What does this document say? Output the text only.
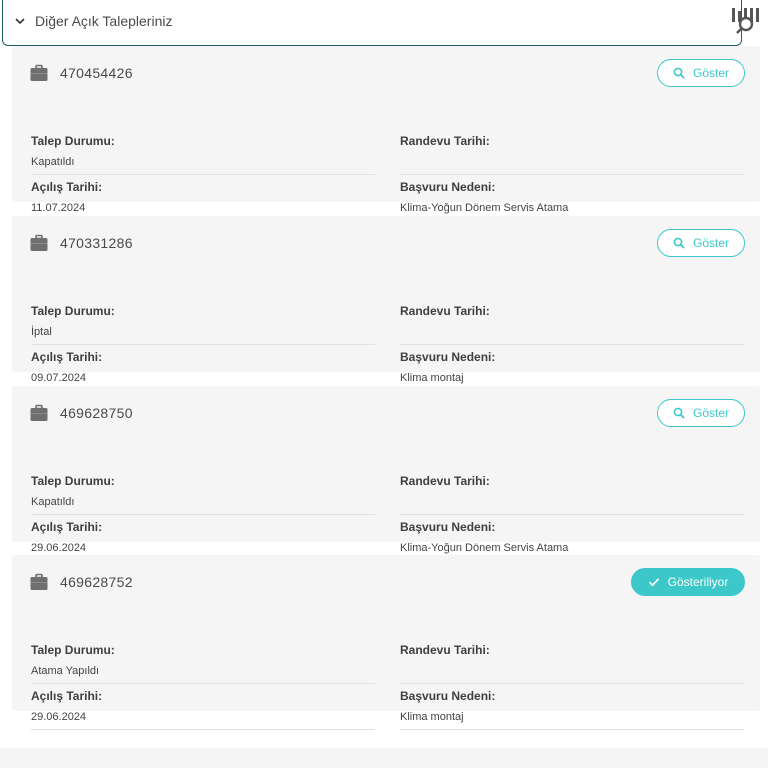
Diğer Açık Talepleriniz
470454426	Göster
Talep Durumu:
Kapatıldı
Randevu Tarihi:
Açılış Tarihi:
11.07.2024
Başvuru Nedeni:
Klima-Yoğun Dönem Servis Atama
470331286	Göster
Talep Durumu:
İptal
Randevu Tarihi:
Açılış Tarihi:
09.07.2024
Başvuru Nedeni:
Klima montaj
469628750	Göster
Talep Durumu:
Kapatıldı
Randevu Tarihi:
Açılış Tarihi:
29.06.2024
Başvuru Nedeni:
Klima-Yoğun Dönem Servis Atama
469628752	Gösteriliyor
Talep Durumu:
Atama Yapıldı
Randevu Tarihi:
Açılış Tarihi:
29.06.2024
Başvuru Nedeni:
Klima montaj
